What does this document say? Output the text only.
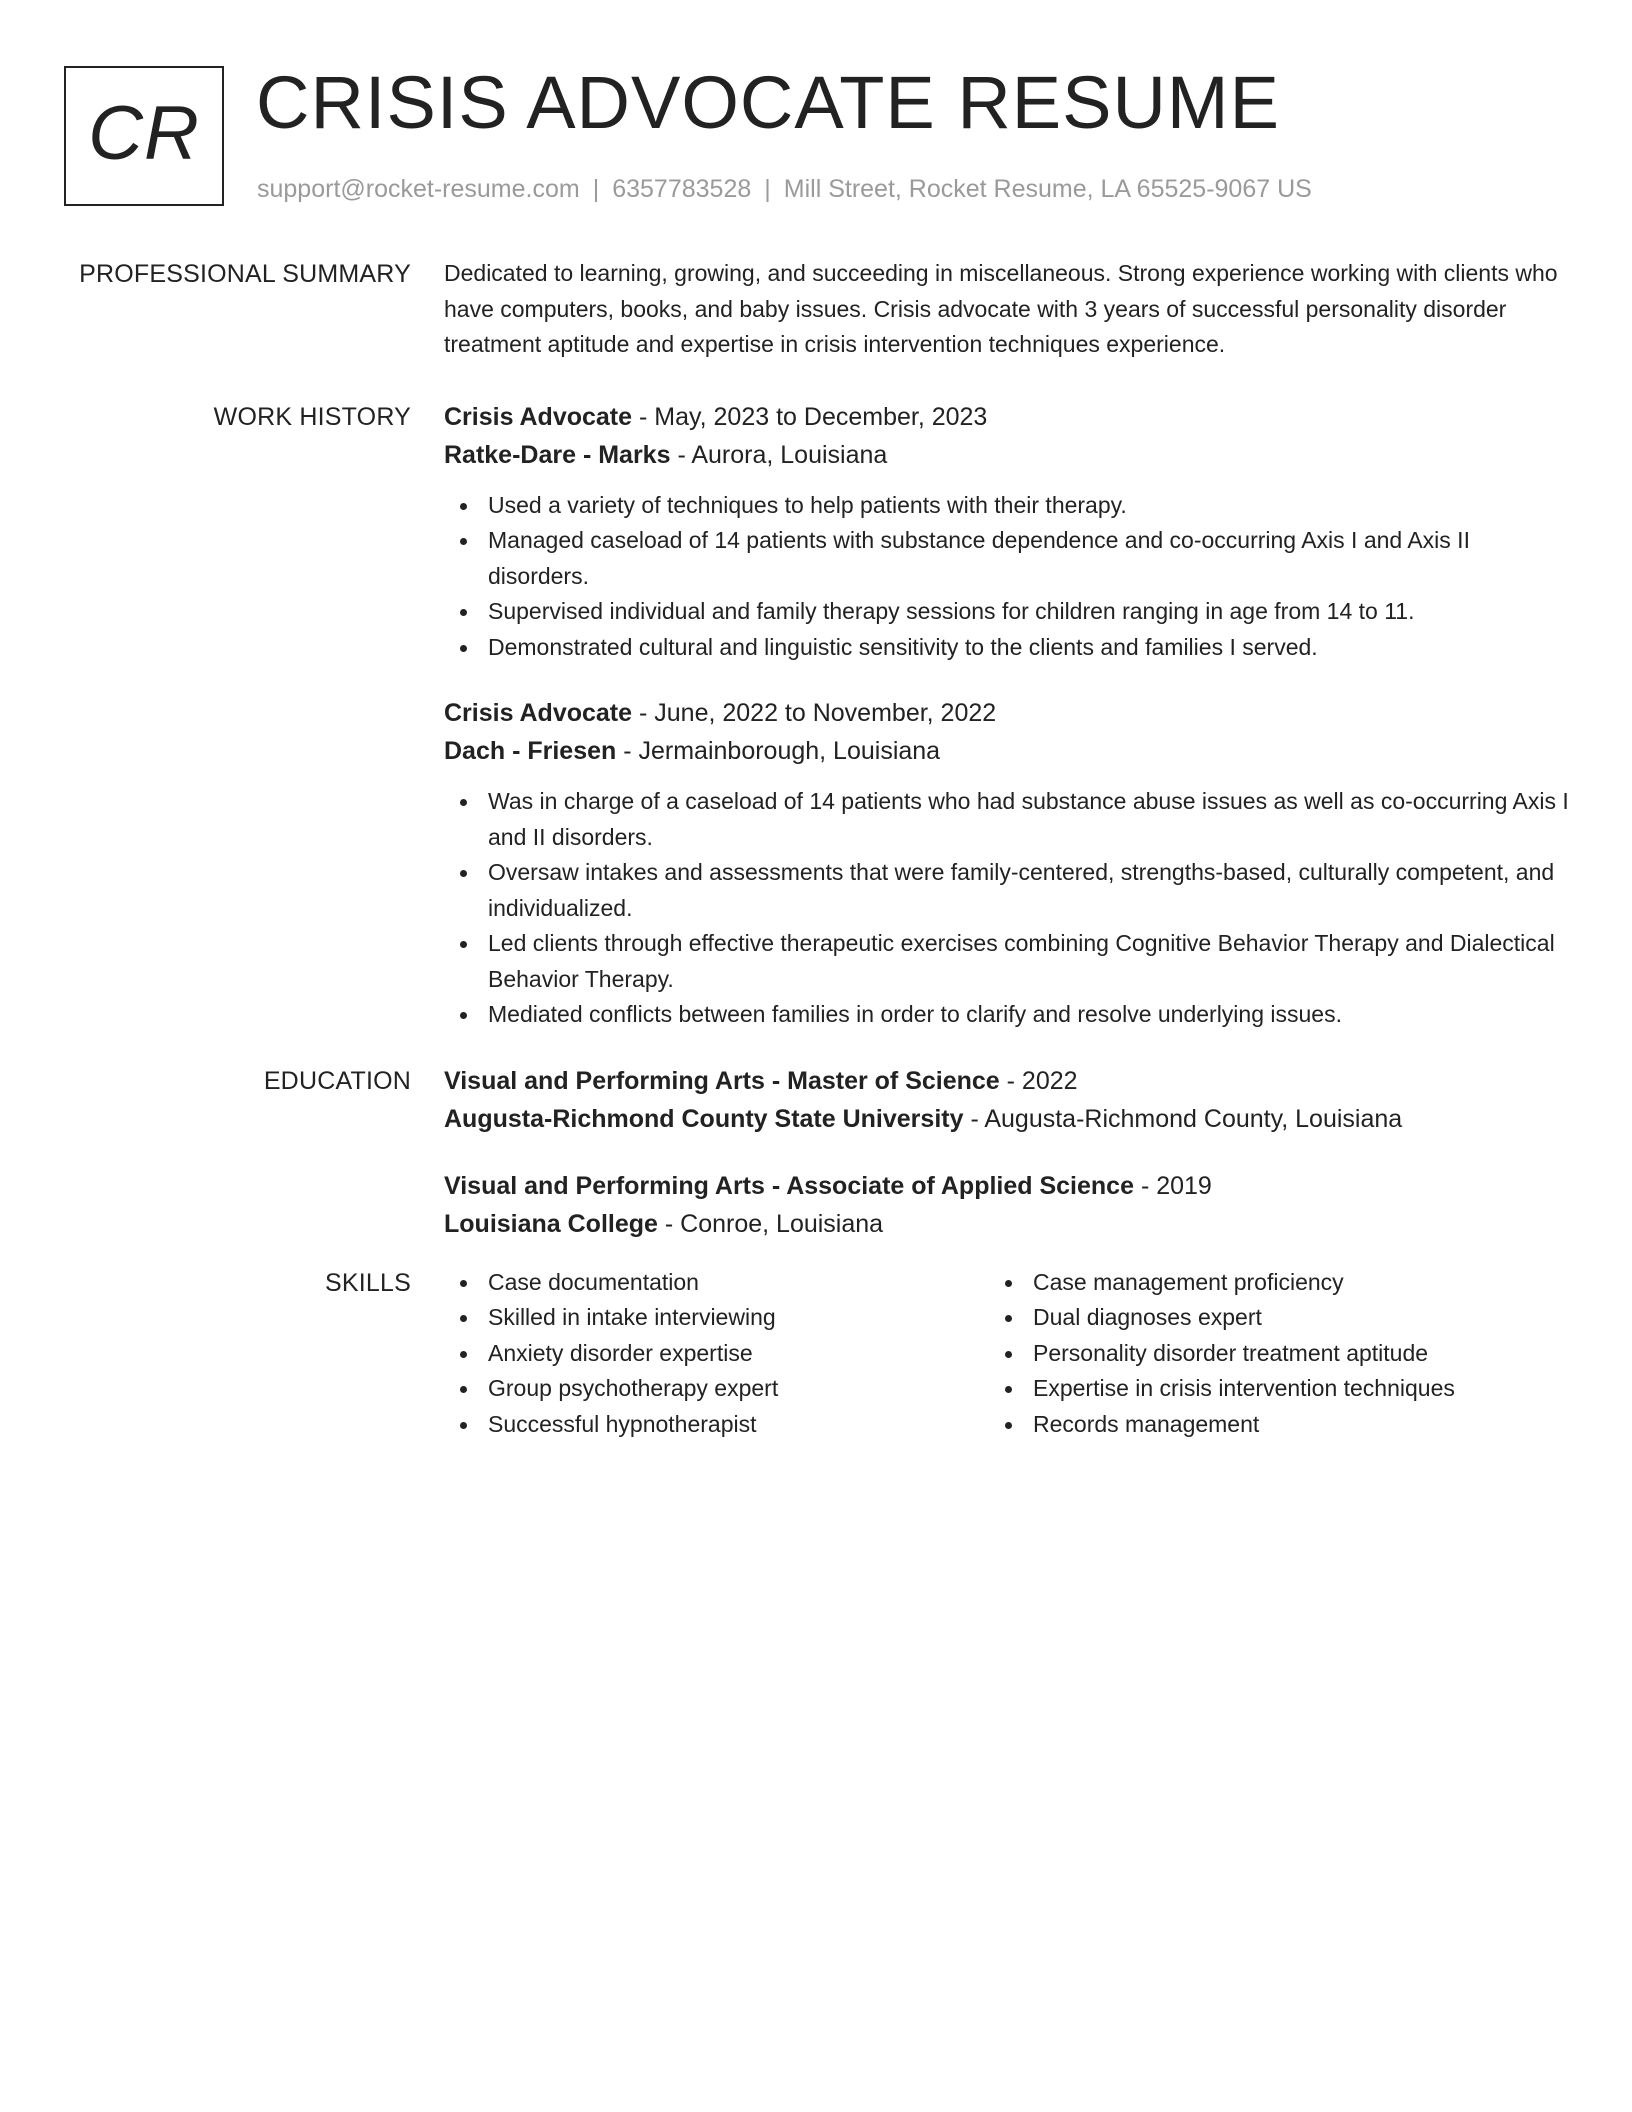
CR CRISIS ADVOCATE RESUME
support@rocket-resume.com | 6357783528 | Mill Street, Rocket Resume, LA 65525-9067 US
PROFESSIONAL SUMMARY Dedicated to learning, growing, and succeeding in miscellaneous. Strong experience working with clients who have computers, books, and baby issues. Crisis advocate with 3 years of successful personality disorder treatment aptitude and expertise in crisis intervention techniques experience.

WORK HISTORY Crisis Advocate - May, 2023 to December, 2023
Ratke-Dare - Marks - Aurora, Louisiana
Used a variety of techniques to help patients with their therapy.
Managed caseload of 14 patients with substance dependence and co-occurring Axis I and Axis II disorders.
Supervised individual and family therapy sessions for children ranging in age from 14 to 11.
Demonstrated cultural and linguistic sensitivity to the clients and families I served.
Crisis Advocate - June, 2022 to November, 2022
Dach - Friesen - Jermainborough, Louisiana
Was in charge of a caseload of 14 patients who had substance abuse issues as well as co-occurring Axis I and II disorders.
Oversaw intakes and assessments that were family-centered, strengths-based, culturally competent, and individualized.
Led clients through effective therapeutic exercises combining Cognitive Behavior Therapy and Dialectical Behavior Therapy.
Mediated conflicts between families in order to clarify and resolve underlying issues.
EDUCATION Visual and Performing Arts - Master of Science - 2022
Augusta-Richmond County State University - Augusta-Richmond County, Louisiana
Visual and Performing Arts - Associate of Applied Science - 2019
Louisiana College - Conroe, Louisiana
SKILLS	Case documentation
Skilled in intake interviewing
Anxiety disorder expertise
Group psychotherapy expert
Successful hypnotherapist
Case management proficiency
Dual diagnoses expert
Personality disorder treatment aptitude
Expertise in crisis intervention techniques
Records management
